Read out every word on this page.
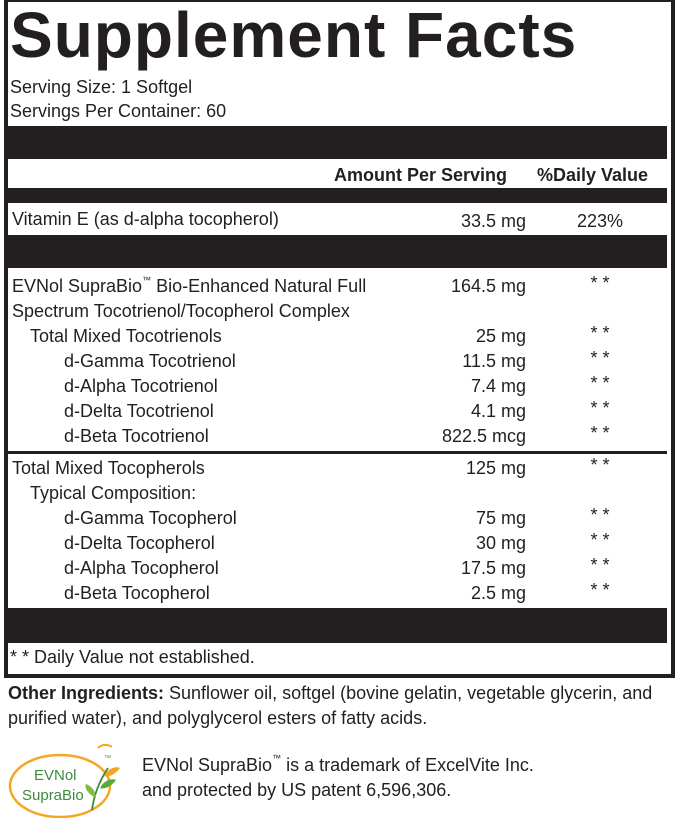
Supplement Facts
Serving Size: 1 Softgel
Servings Per Container: 60
Amount Per Serving %Daily Value
Vitamin E (as d-alpha tocopherol)	33.5 mg	223%
EVNol SupraBio™ Bio-Enhanced Natural Full
Spectrum Tocotrienol/Tocopherol Complex
164.5 mg	* *
Total Mixed Tocotrienols	25 mg	* *
d-Gamma Tocotrienol	11.5 mg	* *
d-Alpha Tocotrienol	7.4 mg	* *
d-Delta Tocotrienol	4.1 mg	* *
d-Beta Tocotrienol	822.5 mcg	* *
Total Mixed Tocopherols	125 mg	* *
Typical Composition:
d-Gamma Tocopherol	75 mg	* *
d-Delta Tocopherol	30 mg	* *
d-Alpha Tocopherol	17.5 mg	* *
d-Beta Tocopherol	2.5 mg	* *
* * Daily Value not established.
Other Ingredients: Sunflower oil, softgel (bovine gelatin, vegetable glycerin, and purified water), and polyglycerol esters of fatty acids.
EVNol
SupraBio
™ EVNol SupraBio™ is a trademark of ExcelVite Inc.
and protected by US patent 6,596,306.
